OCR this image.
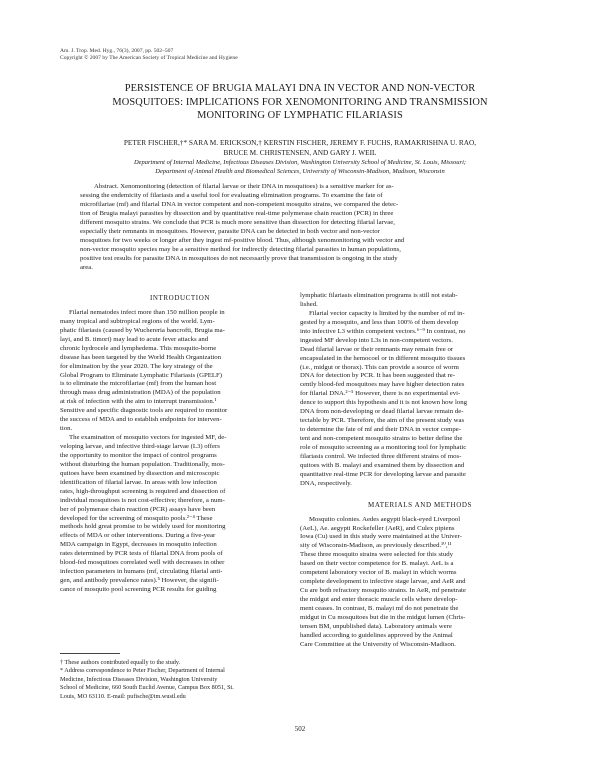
Am. J. Trop. Med. Hyg., 76(3), 2007, pp. 502–507
Copyright © 2007 by The American Society of Tropical Medicine and Hygiene
PERSISTENCE OF BRUGIA MALAYI DNA IN VECTOR AND NON-VECTOR
MOSQUITOES: IMPLICATIONS FOR XENOMONITORING AND TRANSMISSION
MONITORING OF LYMPHATIC FILARIASIS
PETER FISCHER,†* SARA M. ERICKSON,† KERSTIN FISCHER, JEREMY F. FUCHS, RAMAKRISHNA U. RAO,
BRUCE M. CHRISTENSEN, AND GARY J. WEIL
Department of Internal Medicine, Infectious Diseases Division, Washington University School of Medicine, St. Louis, Missouri;
Department of Animal Health and Biomedical Sciences, University of Wisconsin-Madison, Madison, Wisconsin
Abstract. Xenomonitoring (detection of filarial larvae or their DNA in mosquitoes) is a sensitive marker for as-
sessing the endemicity of filariasis and a useful tool for evaluating elimination programs. To examine the fate of
microfilariae (mf) and filarial DNA in vector competent and non-competent mosquito strains, we compared the detec-
tion of Brugia malayi parasites by dissection and by quantitative real-time polymerase chain reaction (PCR) in three
different mosquito strains. We conclude that PCR is much more sensitive than dissection for detecting filarial larvae,
especially their remnants in mosquitoes. However, parasite DNA can be detected in both vector and non-vector
mosquitoes for two weeks or longer after they ingest mf-positive blood. Thus, although xenomonitoring with vector and
non-vector mosquito species may be a sensitive method for indirectly detecting filarial parasites in human populations,
positive test results for parasite DNA in mosquitoes do not necessarily prove that transmission is ongoing in the study
area.
INTRODUCTION
Filarial nematodes infect more than 150 million people in
many tropical and subtropical regions of the world. Lym-
phatic filariasis (caused by Wuchereria bancrofti, Brugia ma-
layi, and B. timori) may lead to acute fever attacks and
chronic hydrocele and lymphedema. This mosquito-borne
disease has been targeted by the World Health Organization
for elimination by the year 2020. The key strategy of the
Global Program to Eliminate Lymphatic Filariasis (GPELF)
is to eliminate the microfilariae (mf) from the human host
through mass drug administration (MDA) of the population
at risk of infection with the aim to interrupt transmission.¹
Sensitive and specific diagnostic tools are required to monitor
the success of MDA and to establish endpoints for interven-
tion.
The examination of mosquito vectors for ingested MF, de-
veloping larvae, and infective third-stage larvae (L3) offers
the opportunity to monitor the impact of control programs
without disturbing the human population. Traditionally, mos-
quitoes have been examined by dissection and microscopic
identification of filarial larvae. In areas with low infection
rates, high-throughput screening is required and dissection of
individual mosquitoes is not cost-effective; therefore, a num-
ber of polymerase chain reaction (PCR) assays have been
developed for the screening of mosquito pools.²⁻⁴ These
methods hold great promise to be widely used for monitoring
effects of MDA or other interventions. During a five-year
MDA campaign in Egypt, decreases in mosquito infection
rates determined by PCR tests of filarial DNA from pools of
blood-fed mosquitoes correlated well with decreases in other
infection parameters in humans (mf, circulating filarial anti-
gen, and antibody prevalence rates).⁵ However, the signifi-
cance of mosquito pool screening PCR results for guiding
† These authors contributed equally to the study.
* Address correspondence to Peter Fischer, Department of Internal
Medicine, Infectious Diseases Division, Washington University
School of Medicine, 660 South Euclid Avenue, Campus Box 8051, St.
Louis, MO 63110. E-mail: pufische@im.wustl.edu
lymphatic filariasis elimination programs is still not estab-
lished.
Filarial vector capacity is limited by the number of mf in-
gested by a mosquito, and less than 100% of them develop
into infective L3 within competent vectors.⁶⁻⁹ In contrast, no
ingested MF develop into L3s in non-competent vectors.
Dead filarial larvae or their remnants may remain free or
encapsulated in the hemocoel or in different mosquito tissues
(i.e., midgut or thorax). This can provide a source of worm
DNA for detection by PCR. It has been suggested that re-
cently blood-fed mosquitoes may have higher detection rates
for filarial DNA.²⁻⁵ However, there is no experimental evi-
dence to support this hypothesis and it is not known how long
DNA from non-developing or dead filarial larvae remain de-
tectable by PCR. Therefore, the aim of the present study was
to determine the fate of mf and their DNA in vector compe-
tent and non-competent mosquito strains to better define the
role of mosquito screening as a monitoring tool for lymphatic
filariasis control. We infected three different strains of mos-
quitoes with B. malayi and examined them by dissection and
quantitative real-time PCR for developing larvae and parasite
DNA, respectively.
MATERIALS AND METHODS
Mosquito colonies. Aedes aegypti black-eyed Liverpool
(AeL), Ae. aegypti Rockefeller (AeR), and Culex pipiens
Iowa (Cu) used in this study were maintained at the Univer-
sity of Wisconsin-Madison, as previously described.¹⁰,¹¹
These three mosquito strains were selected for this study
based on their vector competence for B. malayi. AeL is a
competent laboratory vector of B. malayi in which worms
complete development to infective stage larvae, and AeR and
Cu are both refractory mosquito strains. In AeR, mf penetrate
the midgut and enter thoracic muscle cells where develop-
ment ceases. In contrast, B. malayi mf do not penetrate the
midgut in Cu mosquitoes but die in the midgut lumen (Chris-
tensen BM, unpublished data). Laboratory animals were
handled according to guidelines approved by the Animal
Care Committee at the University of Wisconsin-Madison.
502
